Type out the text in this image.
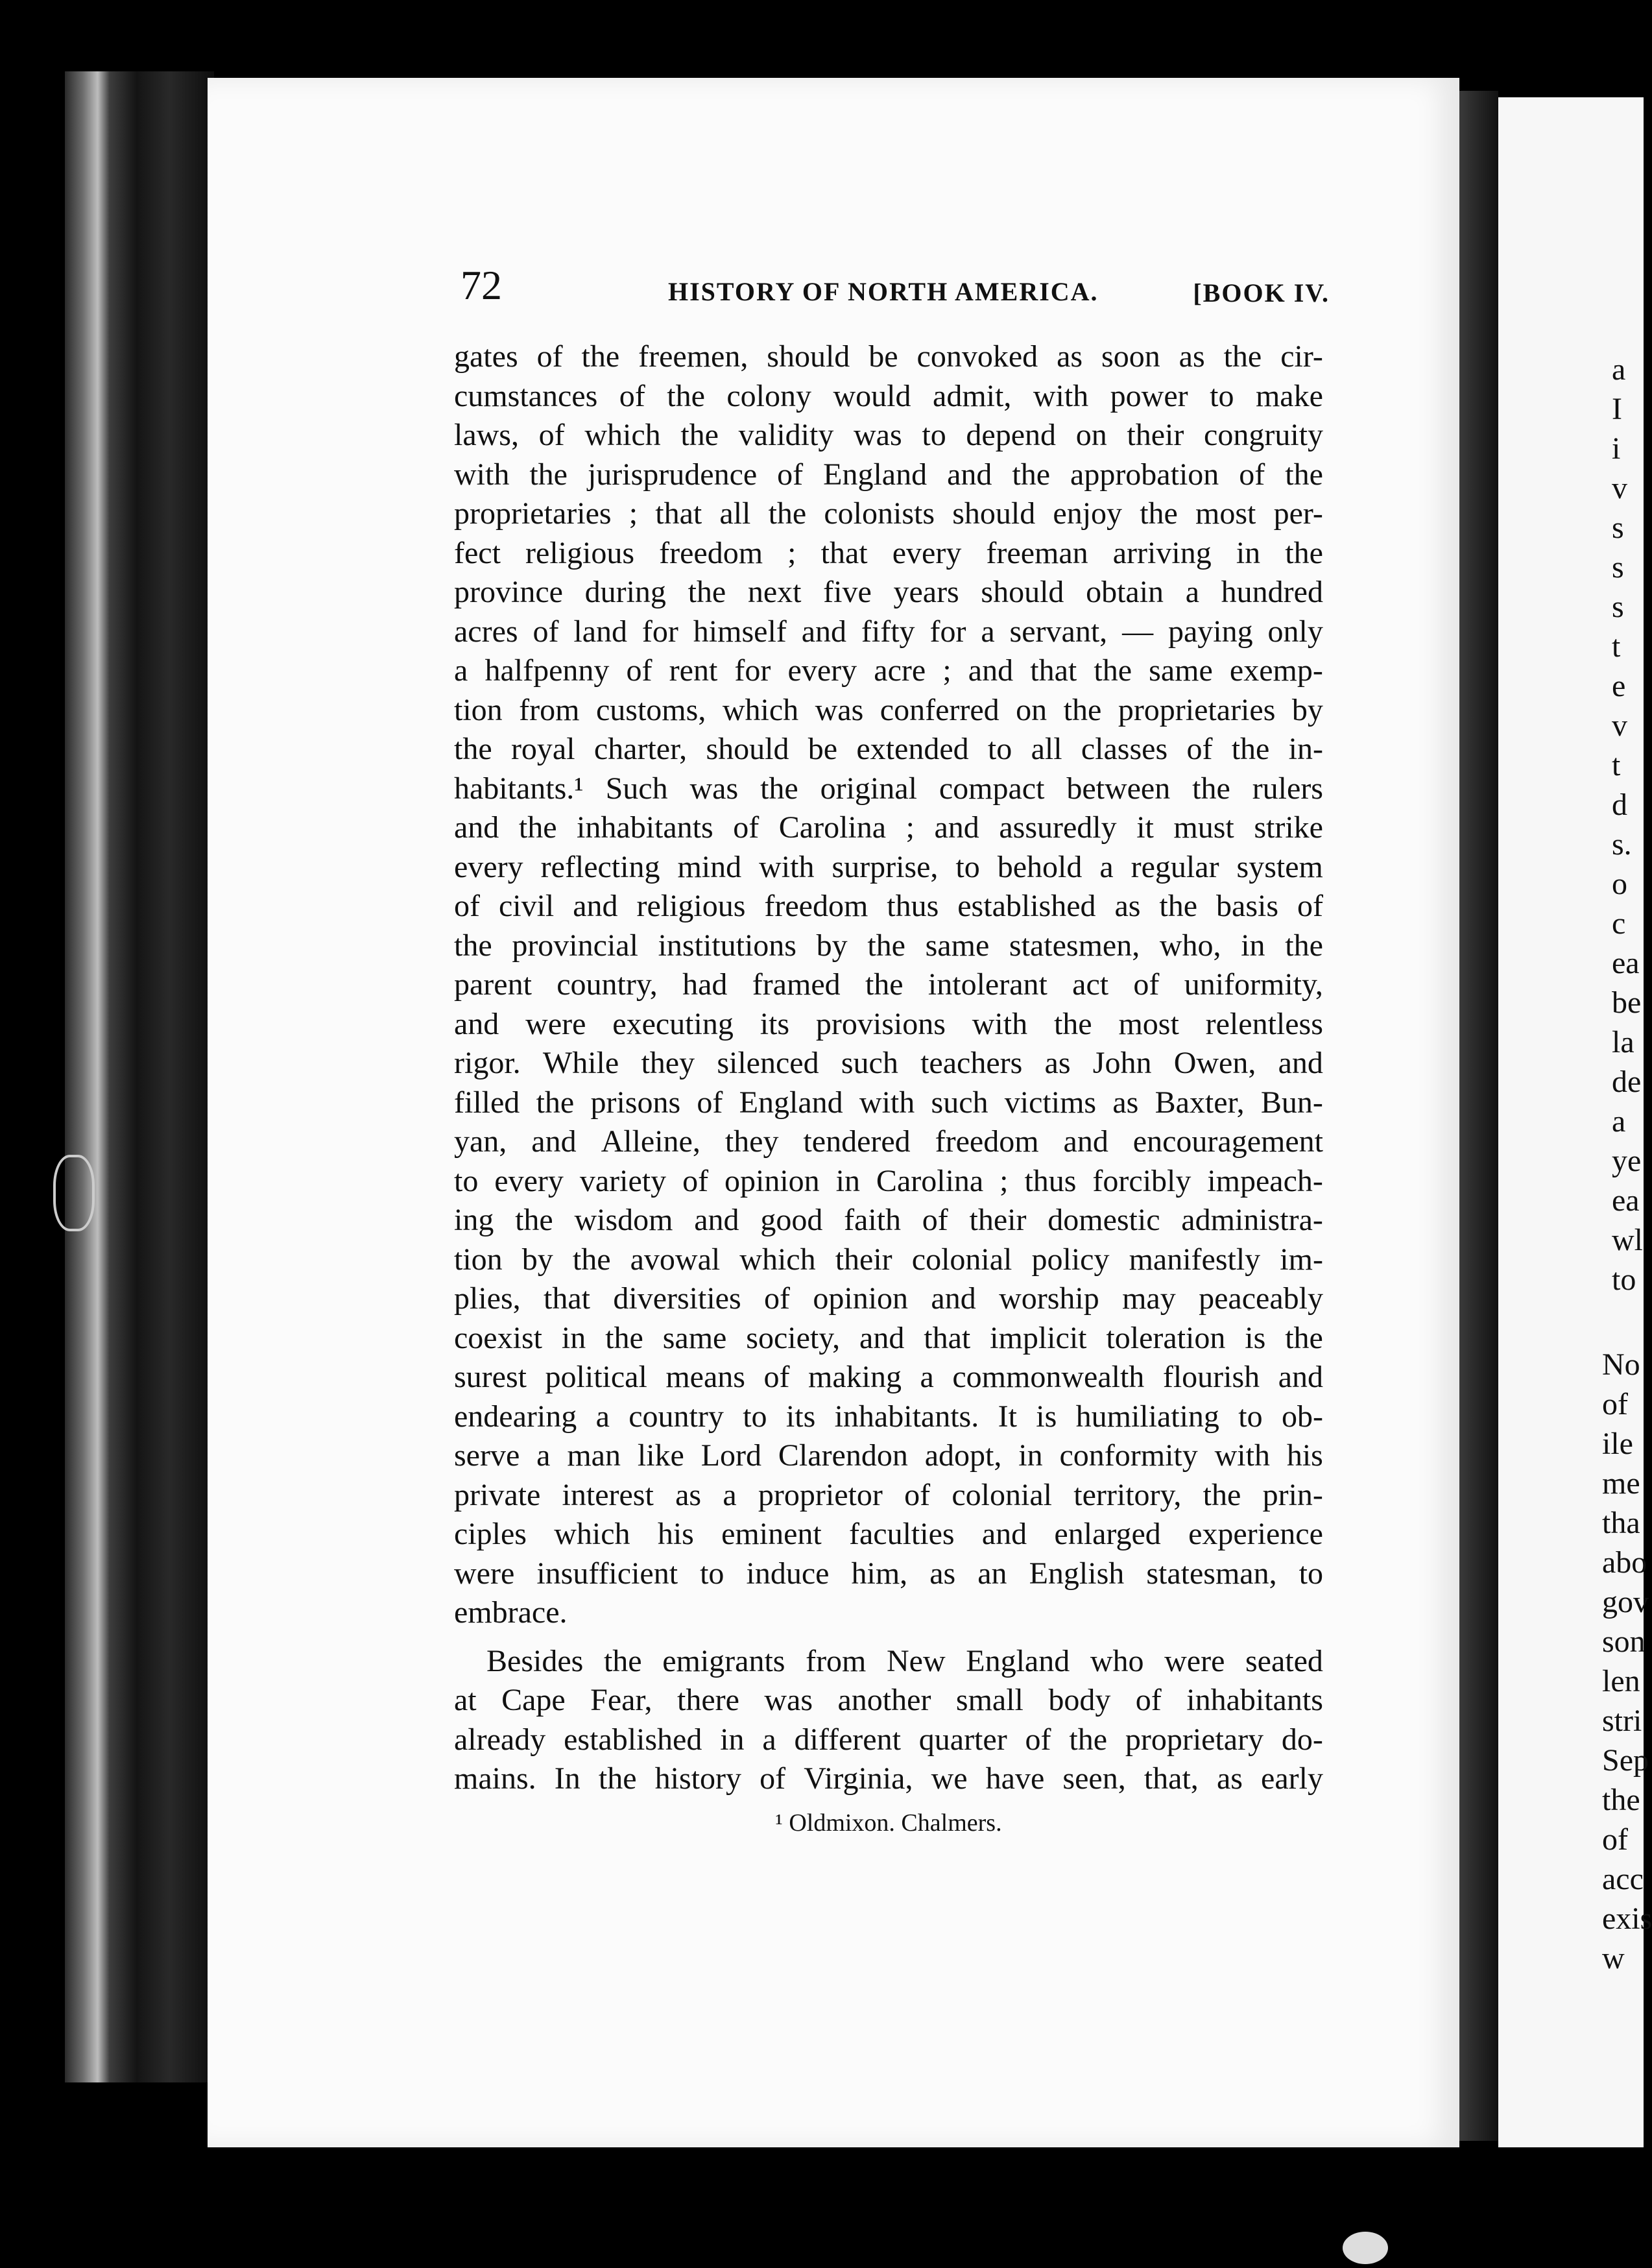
a
I
i
v
s
s
s
t
e
v
t
d
s.
o
c
ea
be
la
de
a
ye
ea
wl
to
No
of
ile
me
tha
abo
gov
son
len
stri
Sep
the
of
acc
exis
w
72	HISTORY OF NORTH AMERICA.	[BOOK IV.
gates of the freemen, should be convoked as soon as the cir-
cumstances of the colony would admit, with power to make
laws, of which the validity was to depend on their congruity
with the jurisprudence of England and the approbation of the
proprietaries ; that all the colonists should enjoy the most per-
fect religious freedom ; that every freeman arriving in the
province during the next five years should obtain a hundred
acres of land for himself and fifty for a servant, — paying only
a halfpenny of rent for every acre ; and that the same exemp-
tion from customs, which was conferred on the proprietaries by
the royal charter, should be extended to all classes of the in-
habitants.¹ Such was the original compact between the rulers
and the inhabitants of Carolina ; and assuredly it must strike
every reflecting mind with surprise, to behold a regular system
of civil and religious freedom thus established as the basis of
the provincial institutions by the same statesmen, who, in the
parent country, had framed the intolerant act of uniformity,
and were executing its provisions with the most relentless
rigor. While they silenced such teachers as John Owen, and
filled the prisons of England with such victims as Baxter, Bun-
yan, and Alleine, they tendered freedom and encouragement
to every variety of opinion in Carolina ; thus forcibly impeach-
ing the wisdom and good faith of their domestic administra-
tion by the avowal which their colonial policy manifestly im-
plies, that diversities of opinion and worship may peaceably
coexist in the same society, and that implicit toleration is the
surest political means of making a commonwealth flourish and
endearing a country to its inhabitants. It is humiliating to ob-
serve a man like Lord Clarendon adopt, in conformity with his
private interest as a proprietor of colonial territory, the prin-
ciples which his eminent faculties and enlarged experience
were insufficient to induce him, as an English statesman, to
embrace.
Besides the emigrants from New England who were seated
at Cape Fear, there was another small body of inhabitants
already established in a different quarter of the proprietary do-
mains. In the history of Virginia, we have seen, that, as early
¹ Oldmixon. Chalmers.
